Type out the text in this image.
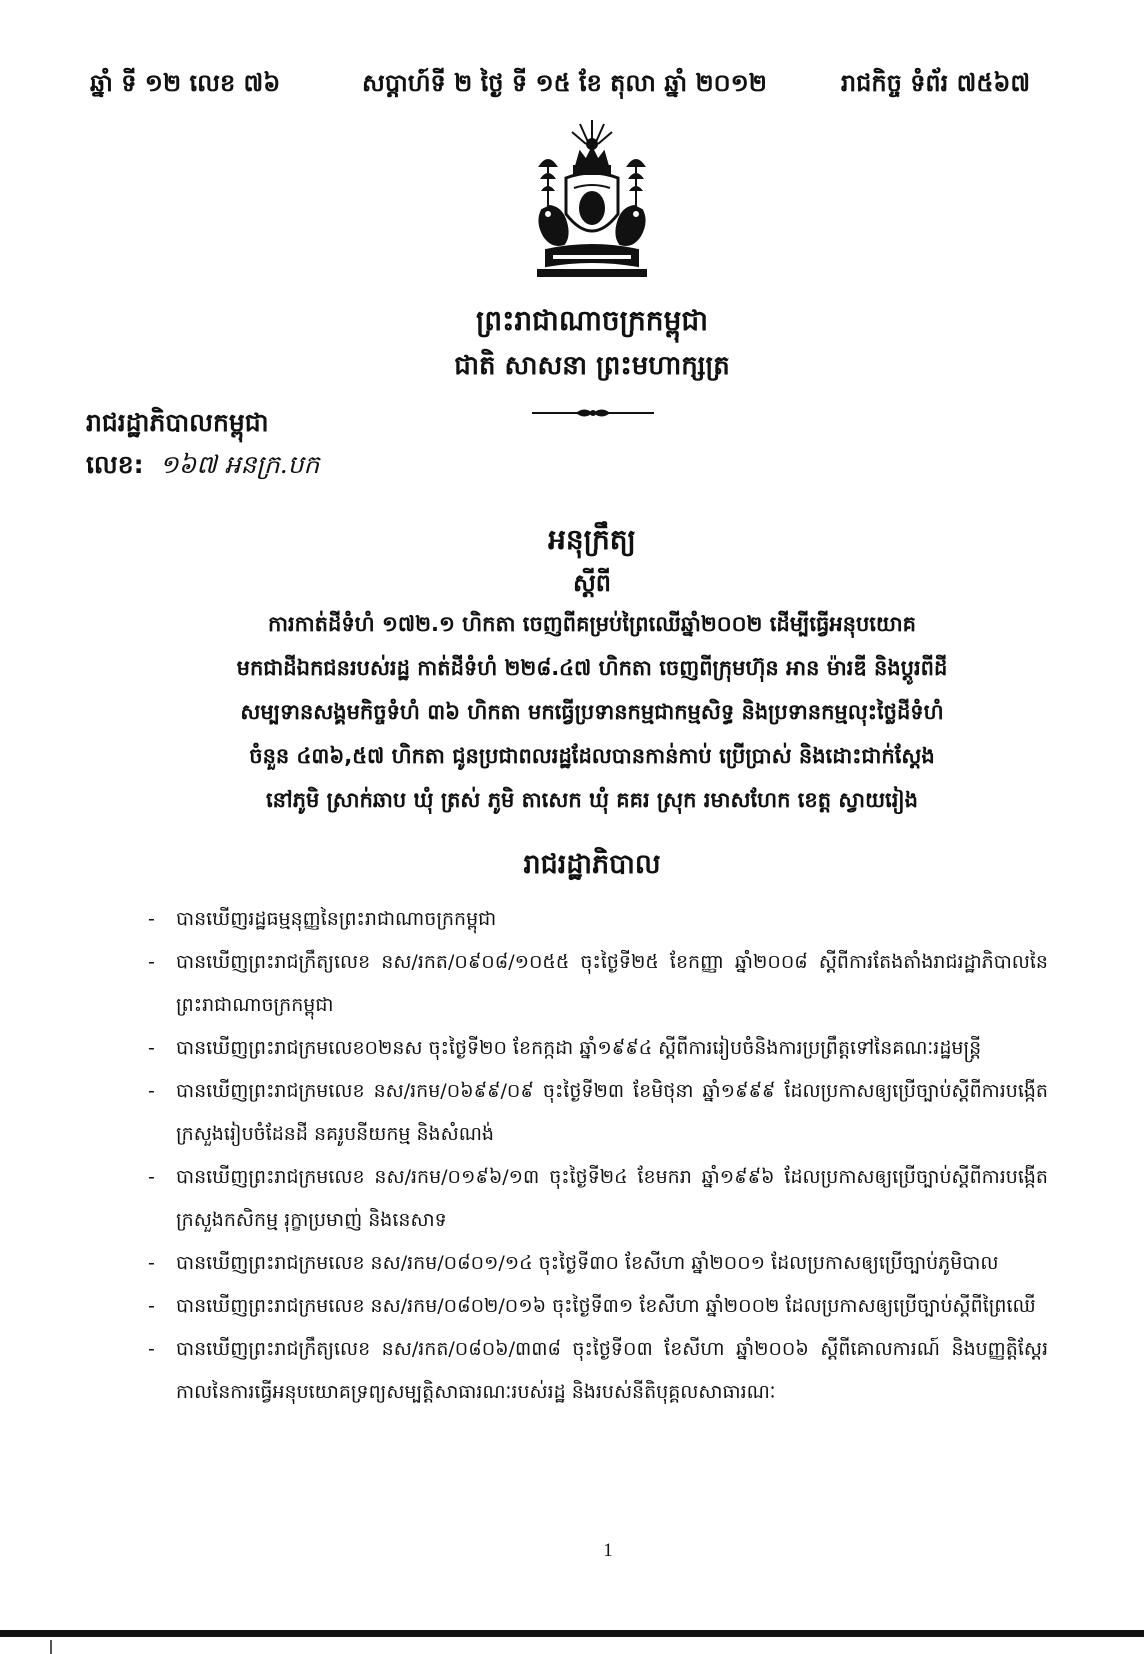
ឆ្នាំ ទី ១២ លេខ ៧៦	សប្ដាហ៍ទី ២ ថ្ងៃ ទី ១៥ ខែ តុលា ឆ្នាំ ២០១២	រាជកិច្ច ទំព័រ ៧៥៦៧
ព្រះរាជាណាចក្រកម្ពុជា
ជាតិ សាសនា ព្រះមហាក្សត្រ
រាជរដ្ឋាភិបាលកម្ពុជា
លេខ: ១៦៧ អនក្រ.បក
អនុក្រឹត្យ
ស្ដីពី
ការកាត់ដីទំហំ ១៧២.១ ហិកតា ចេញពីគម្រប់ព្រៃឈើឆ្នាំ២០០២ ដើម្បីធ្វើអនុបយោគ
មកជាដីឯកជនរបស់រដ្ឋ កាត់ដីទំហំ ២២៨.៤៧ ហិកតា ចេញពីក្រុមហ៊ុន អាន ម៉ារឌី និងប្ដូរពីដី
សម្បទានសង្គមកិច្ចទំហំ ៣៦ ហិកតា មកធ្វើប្រទានកម្មជាកម្មសិទ្ធ និងប្រទានកម្មលុះថ្លៃដីទំហំ
ចំនួន ៤៣៦,៥៧ ហិកតា ជូនប្រជាពលរដ្ឋដែលបានកាន់កាប់ ប្រើប្រាស់ និងដោះជាក់ស្ដែង
នៅភូមិ ស្រាក់ឆាប ឃុំ ត្រស់ ភូមិ តាសេក ឃុំ គគរ ស្រុក រមាសហែក ខេត្ត ស្វាយរៀង
រាជរដ្ឋាភិបាល
- បានឃើញរដ្ឋធម្មនុញ្ញនៃព្រះរាជាណាចក្រកម្ពុជា
- បានឃើញព្រះរាជក្រឹត្យលេខ នស/រកត/០៩០៨/១០៥៥ ចុះថ្ងៃទី២៥ ខែកញ្ញា ឆ្នាំ២០០៨ ស្ដីពីការតែងតាំងរាជរដ្ឋាភិបាលនៃព្រះរាជាណាចក្រកម្ពុជា
- បានឃើញព្រះរាជក្រមលេខ០២នស ចុះថ្ងៃទី២០ ខែកក្កដា ឆ្នាំ១៩៩៤ ស្ដីពីការរៀបចំនិងការប្រព្រឹត្តទៅនៃគណៈរដ្ឋមន្ត្រី
- បានឃើញព្រះរាជក្រមលេខ នស/រកម/០៦៩៩/០៩ ចុះថ្ងៃទី២៣ ខែមិថុនា ឆ្នាំ១៩៩៩ ដែលប្រកាសឲ្យប្រើច្បាប់ស្ដីពីការបង្កើតក្រសួងរៀបចំដែនដី នគរូបនីយកម្ម និងសំណង់
- បានឃើញព្រះរាជក្រមលេខ នស/រកម/០១៩៦/១៣ ចុះថ្ងៃទី២៤ ខែមករា ឆ្នាំ១៩៩៦ ដែលប្រកាសឲ្យប្រើច្បាប់ស្ដីពីការបង្កើតក្រសួងកសិកម្ម រុក្ខាប្រមាញ់ និងនេសាទ
- បានឃើញព្រះរាជក្រមលេខ នស/រកម/០៨០១/១៤ ចុះថ្ងៃទី៣០ ខែសីហា ឆ្នាំ២០០១ ដែលប្រកាសឲ្យប្រើច្បាប់ភូមិបាល
- បានឃើញព្រះរាជក្រមលេខ នស/រកម/០៨០២/០១៦ ចុះថ្ងៃទី៣១ ខែសីហា ឆ្នាំ២០០២ ដែលប្រកាសឲ្យប្រើច្បាប់ស្ដីពីព្រៃឈើ
- បានឃើញព្រះរាជក្រឹត្យលេខ នស/រកត/០៨០៦/៣៣៨ ចុះថ្ងៃទី០៣ ខែសីហា ឆ្នាំ២០០៦ ស្ដីពីគោលការណ៍ និងបញ្ញត្តិស្ដែរកាលនៃការធ្វើអនុបយោគទ្រព្យសម្បត្តិសាធារណៈរបស់រដ្ឋ និងរបស់នីតិបុគ្គលសាធារណៈ
1
